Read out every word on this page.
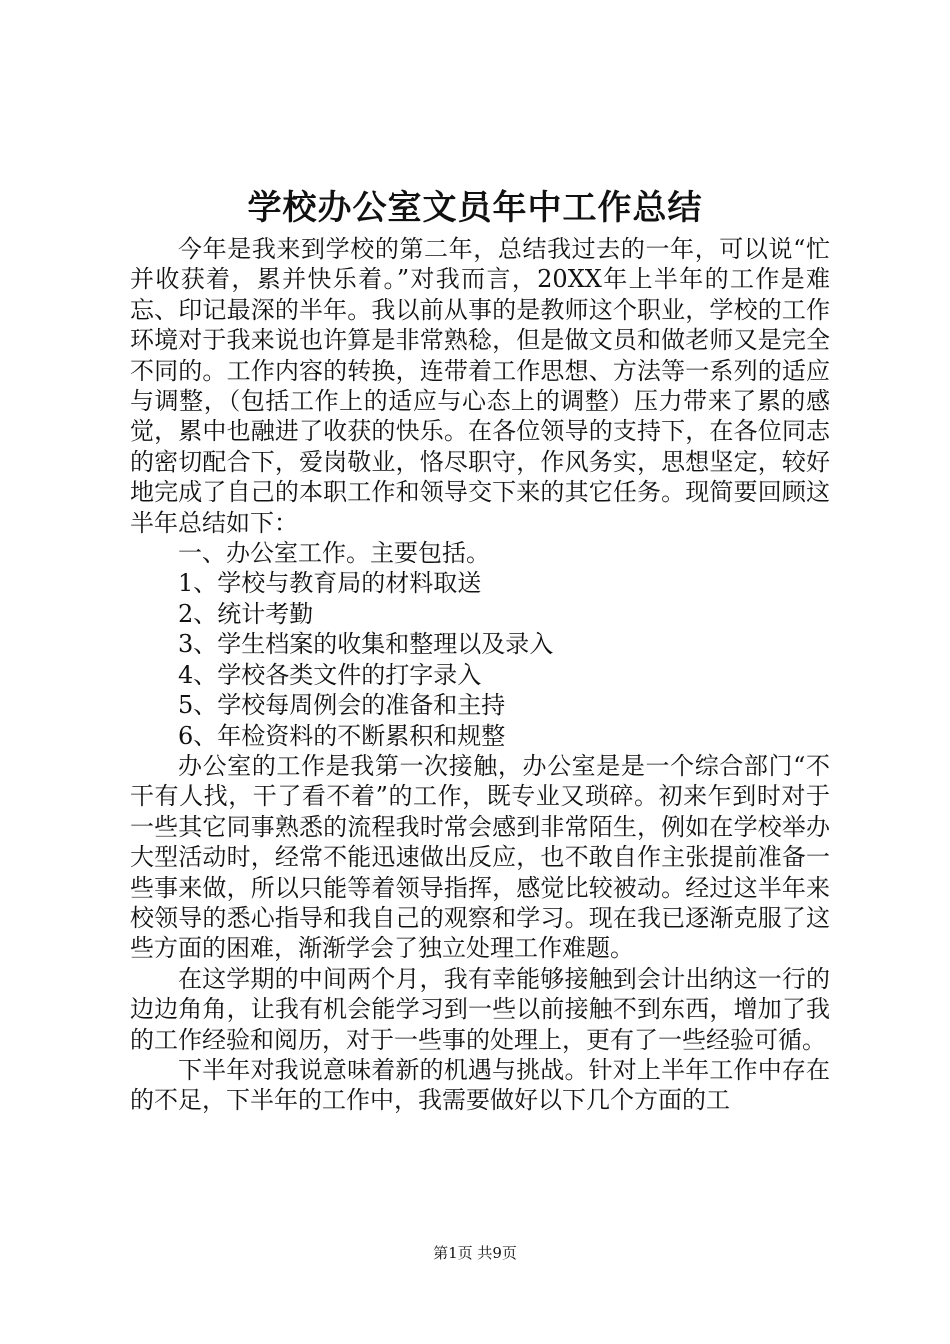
学校办公室文员年中工作总结

今年是我来到学校的第二年，总结我过去的一年，可以说“忙并收获着，累并快乐着。”对我而言，20XX年上半年的工作是难忘、印记最深的半年。我以前从事的是教师这个职业，学校的工作环境对于我来说也许算是非常熟稔，但是做文员和做老师又是完全不同的。工作内容的转换，连带着工作思想、方法等一系列的适应与调整，（包括工作上的适应与心态上的调整）压力带来了累的感觉，累中也融进了收获的快乐。在各位领导的支持下，在各位同志的密切配合下，爱岗敬业，恪尽职守，作风务实，思想坚定，较好地完成了自己的本职工作和领导交下来的其它任务。现简要回顾这半年总结如下：

一、办公室工作。主要包括。

1、学校与教育局的材料取送

2、统计考勤

3、学生档案的收集和整理以及录入

4、学校各类文件的打字录入

5、学校每周例会的准备和主持

6、年检资料的不断累积和规整

办公室的工作是我第一次接触，办公室是是一个综合部门“不干有人找，干了看不着”的工作，既专业又琐碎。初来乍到时对于一些其它同事熟悉的流程我时常会感到非常陌生，例如在学校举办大型活动时，经常不能迅速做出反应，也不敢自作主张提前准备一些事来做，所以只能等着领导指挥，感觉比较被动。经过这半年来校领导的悉心指导和我自己的观察和学习。现在我已逐渐克服了这些方面的困难，渐渐学会了独立处理工作难题。

在这学期的中间两个月，我有幸能够接触到会计出纳这一行的边边角角，让我有机会能学习到一些以前接触不到东西，增加了我的工作经验和阅历，对于一些事的处理上，更有了一些经验可循。

下半年对我说意味着新的机遇与挑战。针对上半年工作中存在的不足，下半年的工作中，我需要做好以下几个方面的工

第1页 共9页
